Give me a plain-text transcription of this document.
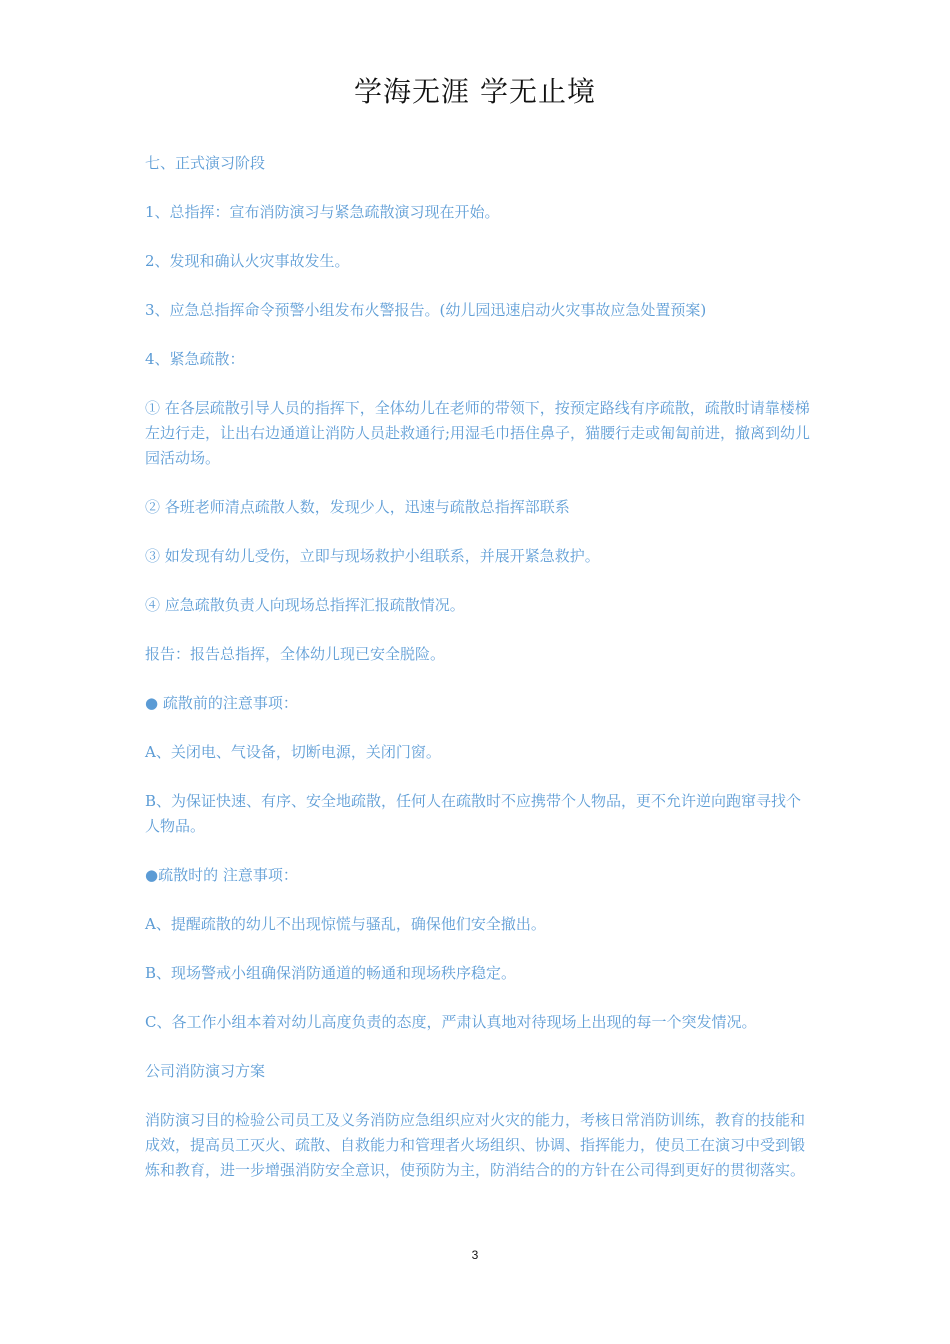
学海无涯 学无止境

七、正式演习阶段

1、总指挥：宣布消防演习与紧急疏散演习现在开始。

2、发现和确认火灾事故发生。

3、应急总指挥命令预警小组发布火警报告。(幼儿园迅速启动火灾事故应急处置预案)

4、紧急疏散：

① 在各层疏散引导人员的指挥下，全体幼儿在老师的带领下，按预定路线有序疏散，疏散时请靠楼梯左边行走，让出右边通道让消防人员赴救通行;用湿毛巾捂住鼻子，猫腰行走或匍匐前进，撤离到幼儿园活动场。

② 各班老师清点疏散人数，发现少人，迅速与疏散总指挥部联系

③ 如发现有幼儿受伤，立即与现场救护小组联系，并展开紧急救护。

④ 应急疏散负责人向现场总指挥汇报疏散情况。

报告：报告总指挥，全体幼儿现已安全脱险。

● 疏散前的注意事项：

A、关闭电、气设备，切断电源，关闭门窗。

B、为保证快速、有序、安全地疏散，任何人在疏散时不应携带个人物品，更不允许逆向跑窜寻找个人物品。

●疏散时的 注意事项：

A、提醒疏散的幼儿不出现惊慌与骚乱，确保他们安全撤出。

B、现场警戒小组确保消防通道的畅通和现场秩序稳定。

C、各工作小组本着对幼儿高度负责的态度，严肃认真地对待现场上出现的每一个突发情况。

公司消防演习方案

消防演习目的检验公司员工及义务消防应急组织应对火灾的能力，考核日常消防训练，教育的技能和成效，提高员工灭火、疏散、自救能力和管理者火场组织、协调、指挥能力，使员工在演习中受到锻炼和教育，进一步增强消防安全意识，使预防为主，防消结合的的方针在公司得到更好的贯彻落实。

3
